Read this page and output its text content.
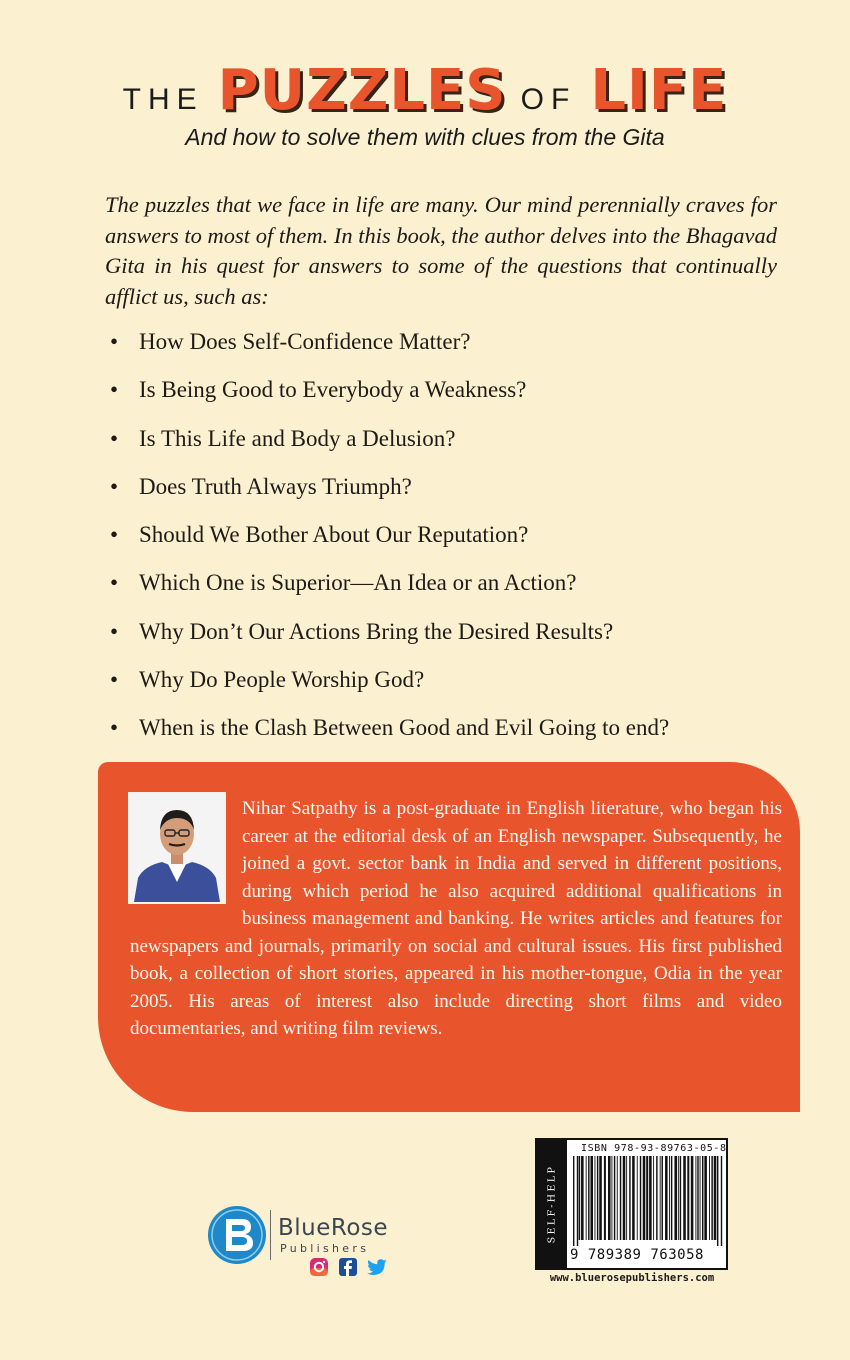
THE PUZZLES OF LIFE
And how to solve them with clues from the Gita

The puzzles that we face in life are many. Our mind perennially craves for answers to most of them. In this book, the author delves into the Bhagavad Gita in his quest for answers to some of the questions that continually afflict us, such as:

• How Does Self-Confidence Matter?
• Is Being Good to Everybody a Weakness?
• Is This Life and Body a Delusion?
• Does Truth Always Triumph?
• Should We Bother About Our Reputation?
• Which One is Superior—An Idea or an Action?
• Why Don’t Our Actions Bring the Desired Results?
• Why Do People Worship God?
• When is the Clash Between Good and Evil Going to end?
Nihar Satpathy is a post-graduate in English literature, who began his career at the editorial desk of an English newspaper. Subsequently, he joined a govt. sector bank in India and served in different positions, during which period he also acquired additional qualifications in business management and banking. He writes articles and features for newspapers and journals, primarily on social and cultural issues. His first published book, a collection of short stories, appeared in his mother-tongue, Odia in the year 2005. His areas of interest also include directing short films and video documentaries, and writing film reviews.
BlueRose
Publishers
SELF-HELP
ISBN 978-93-89763-05-8
9 789389 763058
www.bluerosepublishers.com
